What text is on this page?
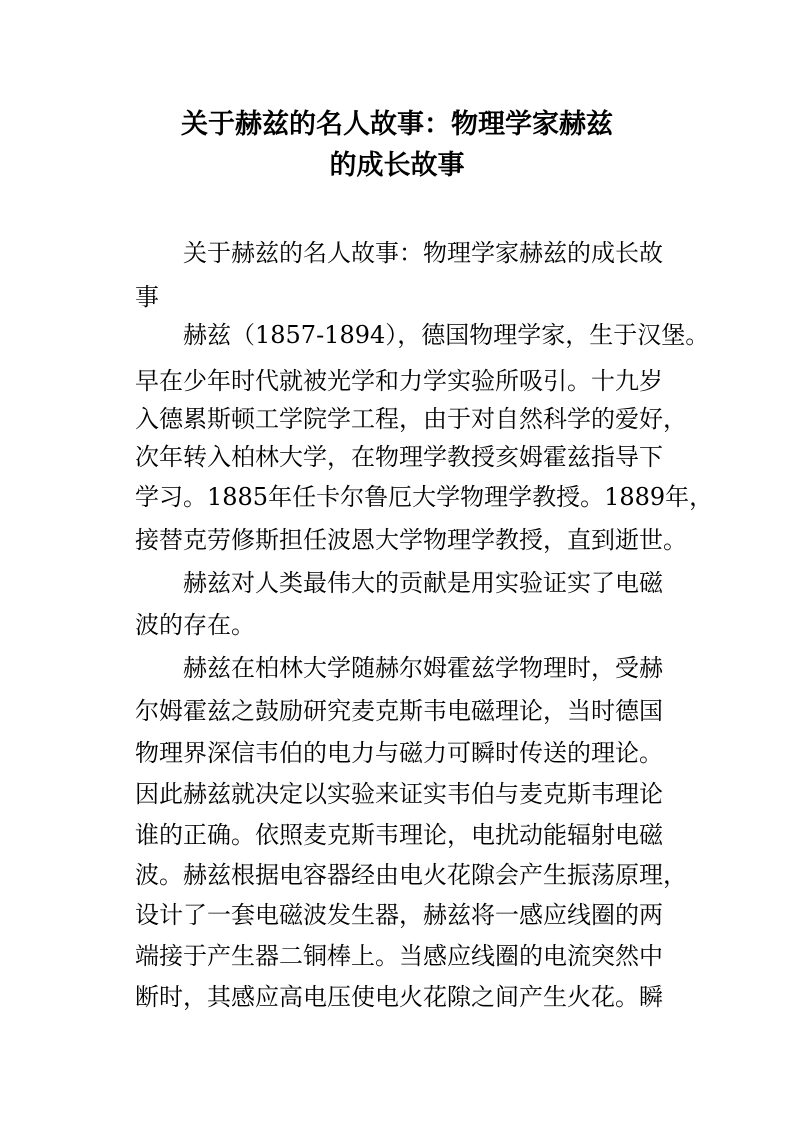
关于赫兹的名人故事：物理学家赫兹
的成长故事
关于赫兹的名人故事：物理学家赫兹的成长故
事
赫兹（1857-1894），德国物理学家，生于汉堡。
早在少年时代就被光学和力学实验所吸引。十九岁
入德累斯顿工学院学工程，由于对自然科学的爱好，
次年转入柏林大学，在物理学教授亥姆霍兹指导下
学习。1885年任卡尔鲁厄大学物理学教授。1889年，
接替克劳修斯担任波恩大学物理学教授，直到逝世。
赫兹对人类最伟大的贡献是用实验证实了电磁
波的存在。
赫兹在柏林大学随赫尔姆霍兹学物理时，受赫
尔姆霍兹之鼓励研究麦克斯韦电磁理论，当时德国
物理界深信韦伯的电力与磁力可瞬时传送的理论。
因此赫兹就决定以实验来证实韦伯与麦克斯韦理论
谁的正确。依照麦克斯韦理论，电扰动能辐射电磁
波。赫兹根据电容器经由电火花隙会产生振荡原理，
设计了一套电磁波发生器，赫兹将一感应线圈的两
端接于产生器二铜棒上。当感应线圈的电流突然中
断时，其感应高电压使电火花隙之间产生火花。瞬
